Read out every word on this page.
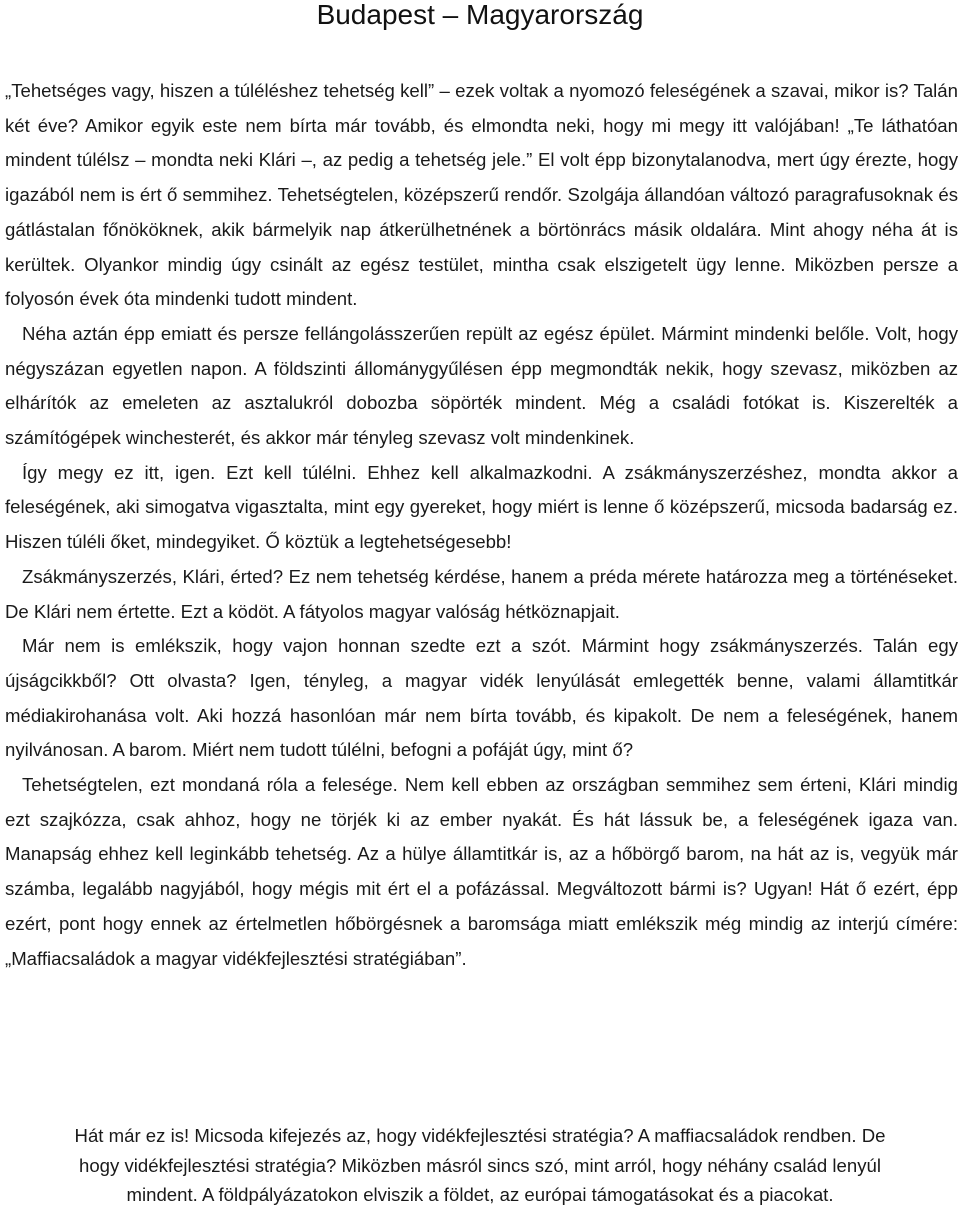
Budapest – Magyarország

„Tehetséges vagy, hiszen a túléléshez tehetség kell” – ezek voltak a nyomozó feleségének a szavai, mikor is? Talán két éve? Amikor egyik este nem bírta már tovább, és elmondta neki, hogy mi megy itt valójában! „Te láthatóan mindent túlélsz – mondta neki Klári –, az pedig a tehetség jele.” El volt épp bizonytalanodva, mert úgy érezte, hogy igazából nem is ért ő semmihez. Tehetségtelen, középszerű rendőr. Szolgája állandóan változó paragrafusoknak és gátlástalan főnököknek, akik bármelyik nap átkerülhetnének a börtönrács másik oldalára. Mint ahogy néha át is kerültek. Olyankor mindig úgy csinált az egész testület, mintha csak elszigetelt ügy lenne. Miközben persze a folyosón évek óta mindenki tudott mindent.

Néha aztán épp emiatt és persze fellángolásszerűen repült az egész épület. Mármint mindenki belőle. Volt, hogy négyszázan egyetlen napon. A földszinti állománygyűlésen épp megmondták nekik, hogy szevasz, miközben az elhárítók az emeleten az asztalukról dobozba söpörték mindent. Még a családi fotókat is. Kiszerelték a számítógépek winchesterét, és akkor már tényleg szevasz volt mindenkinek.

Így megy ez itt, igen. Ezt kell túlélni. Ehhez kell alkalmazkodni. A zsákmányszerzéshez, mondta akkor a feleségének, aki simogatva vigasztalta, mint egy gyereket, hogy miért is lenne ő középszerű, micsoda badarság ez. Hiszen túléli őket, mindegyiket. Ő köztük a legtehetségesebb!

Zsákmányszerzés, Klári, érted? Ez nem tehetség kérdése, hanem a préda mérete határozza meg a történéseket. De Klári nem értette. Ezt a ködöt. A fátyolos magyar valóság hétköznapjait.

Már nem is emlékszik, hogy vajon honnan szedte ezt a szót. Mármint hogy zsákmányszerzés. Talán egy újságcikkből? Ott olvasta? Igen, tényleg, a magyar vidék lenyúlását emlegették benne, valami államtitkár médiakirohanása volt. Aki hozzá hasonlóan már nem bírta tovább, és kipakolt. De nem a feleségének, hanem nyilvánosan. A barom. Miért nem tudott túlélni, befogni a pofáját úgy, mint ő?

Tehetségtelen, ezt mondaná róla a felesége. Nem kell ebben az országban semmihez sem érteni, Klári mindig ezt szajkózza, csak ahhoz, hogy ne törjék ki az ember nyakát. És hát lássuk be, a feleségének igaza van. Manapság ehhez kell leginkább tehetség. Az a hülye államtitkár is, az a hőbörgő barom, na hát az is, vegyük már számba, legalább nagyjából, hogy mégis mit ért el a pofázással. Megváltozott bármi is? Ugyan! Hát ő ezért, épp ezért, pont hogy ennek az értelmetlen hőbörgésnek a baromsága miatt emlékszik még mindig az interjú címére: „Maffiacsaládok a magyar vidékfejlesztési stratégiában”.

Hát már ez is! Micsoda kifejezés az, hogy vidékfejlesztési stratégia? A maffiacsaládok rendben. De

hogy vidékfejlesztési stratégia? Miközben másról sincs szó, mint arról, hogy néhány család lenyúl

mindent. A földpályázatokon elviszik a földet, az európai támogatásokat és a piacokat.
